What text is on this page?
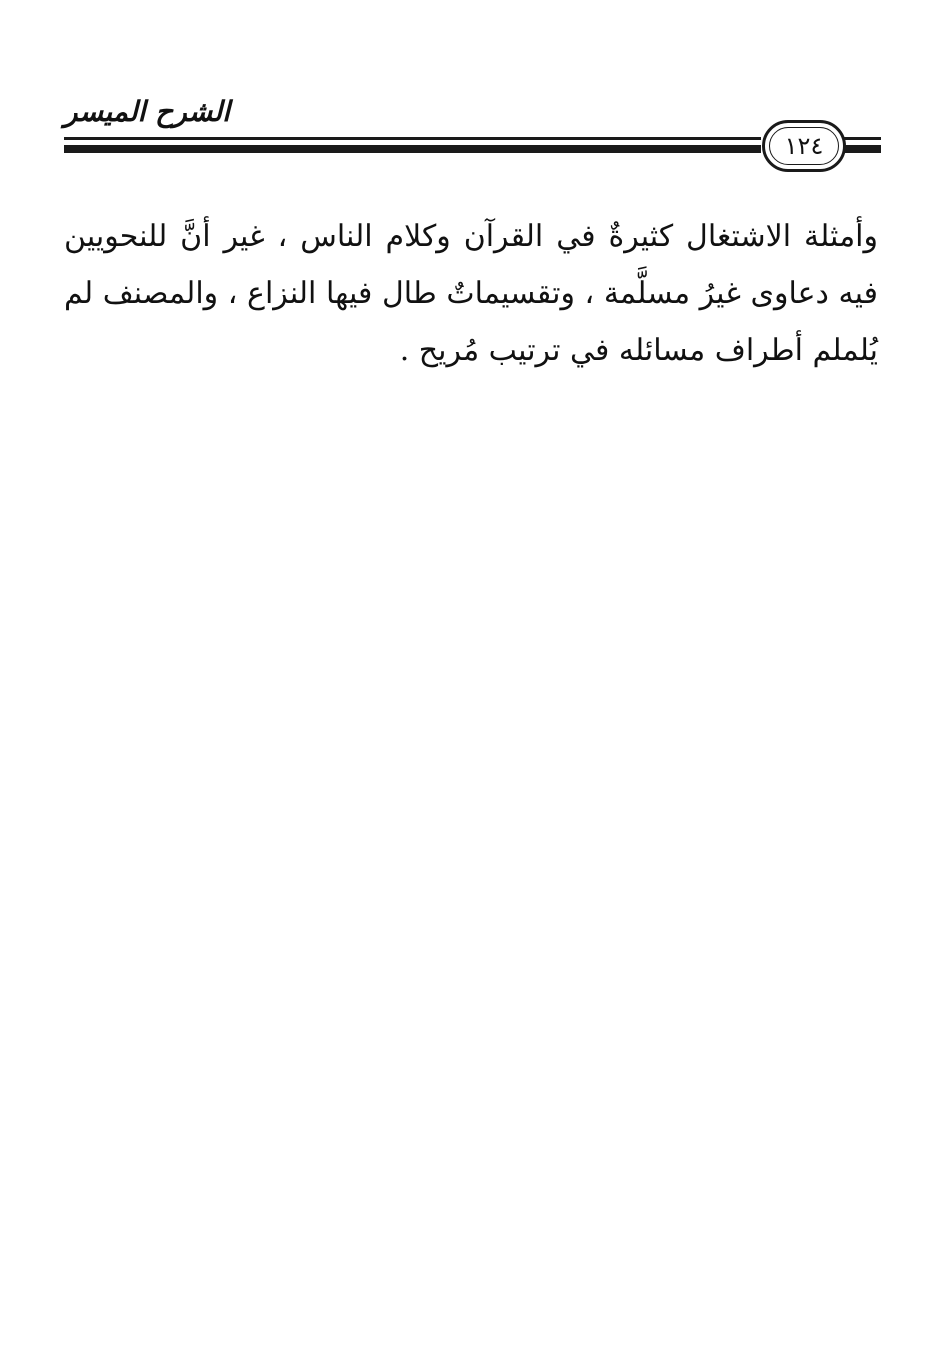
الشرح الميسر
١٢٤

وأمثلة الاشتغال كثيرةٌ في القرآن وكلام الناس ، غير أنَّ للنحويين فيه دعاوى غيرُ مسلَّمة ، وتقسيماتٌ طال فيها النزاع ، والمصنف لم يُلملم أطراف مسائله في ترتيب مُريح .
